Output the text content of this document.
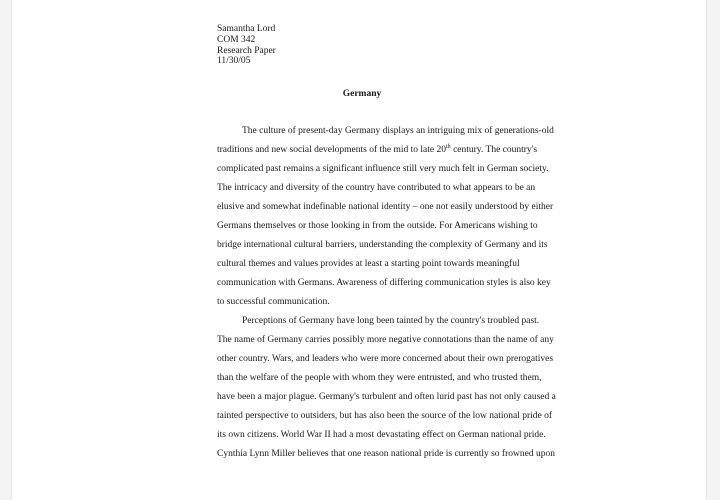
Samantha Lord
COM 342
Research Paper
11/30/05
Germany
The culture of present-day Germany displays an intriguing mix of generations-old
traditions and new social developments of the mid to late 20th century. The country's
complicated past remains a significant influence still very much felt in German society.
The intricacy and diversity of the country have contributed to what appears to be an
elusive and somewhat indefinable national identity – one not easily understood by either
Germans themselves or those looking in from the outside. For Americans wishing to
bridge international cultural barriers, understanding the complexity of Germany and its
cultural themes and values provides at least a starting point towards meaningful
communication with Germans. Awareness of differing communication styles is also key
to successful communication.
Perceptions of Germany have long been tainted by the country's troubled past.
The name of Germany carries possibly more negative connotations than the name of any
other country. Wars, and leaders who were more concerned about their own prerogatives
than the welfare of the people with whom they were entrusted, and who trusted them,
have been a major plague. Germany's turbulent and often lurid past has not only caused a
tainted perspective to outsiders, but has also been the source of the low national pride of
its own citizens. World War II had a most devastating effect on German national pride.
Cynthia Lynn Miller believes that one reason national pride is currently so frowned upon
